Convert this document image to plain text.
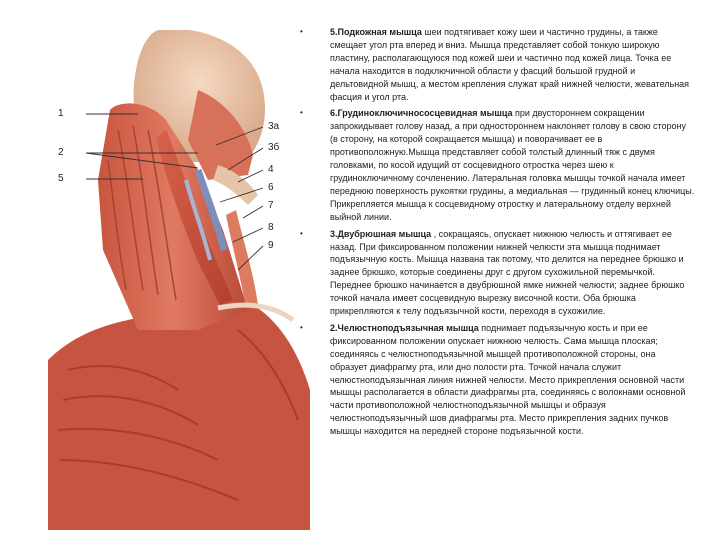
1
2
5
3а
3б
4
6
7
8
9
•	5.Подкожная мышца шеи подтягивает кожу шеи и частично грудины, а также смещает угол рта вперед и вниз. Мышца представляет собой тонкую широкую пластину, располагающуюся под кожей шеи и частично под кожей лица. Точка ее начала находится в подключичной области у фасций большой грудной и дельтовидной мышц, а местом крепления служат край нижней челюсти, жевательная фасция и угол рта.
•	6.Грудиноключичнососцевидная мышца при двустороннем сокращении запрокидывает голову назад, а при одностороннем наклоняет голову в свою сторону (в сторону, на которой сокращается мышца) и поворачивает ее в противоположную.Мышца представляет собой толстый длинный тяж с двумя головками, по косой идущий от сосцевидного отростка через шею к грудиноключичному сочленению. Латеральная головка мышцы точкой начала имеет переднюю поверхность рукоятки грудины, а медиальная — грудинный конец ключицы. Прикрепляется мышца к сосцевидному отростку и латеральному отделу верхней выйной линии.
•	3.Двубрюшная мышца , сокращаясь, опускает нижнюю челюсть и оттягивает ее назад. При фиксированном положении нижней челюсти эта мышца поднимает подъязычную кость. Мышца названа так потому, что делится на переднее брюшко и заднее брюшко, которые соединены друг с другом сухожильной перемычкой. Переднее брюшко начинается в двубрюшной ямке нижней челюсти; заднее брюшко точкой начала имеет сосцевидную вырезку височной кости. Оба брюшка прикрепляются к телу подъязычной кости, переходя в сухожилие.
•	2.Челюстноподъязычная мышца поднимает подъязычную кость и при ее фиксированном положении опускает нижнюю челюсть. Сама мышца плоская; соединяясь с челюстноподъязычной мышцей противоположной стороны, она образует диафрагму рта, или дно полости рта. Точкой начала служит челюстноподъязычная линия нижней челюсти. Место прикрепления основной части мышцы располагается в области диафрагмы рта, соединяясь с волокнами основной части противоположной челюстноподъязычной мышцы и образуя челюстноподъязычный шов диафрагмы рта. Место прикрепления задних пучков мышцы находится на передней стороне подъязычной кости.
